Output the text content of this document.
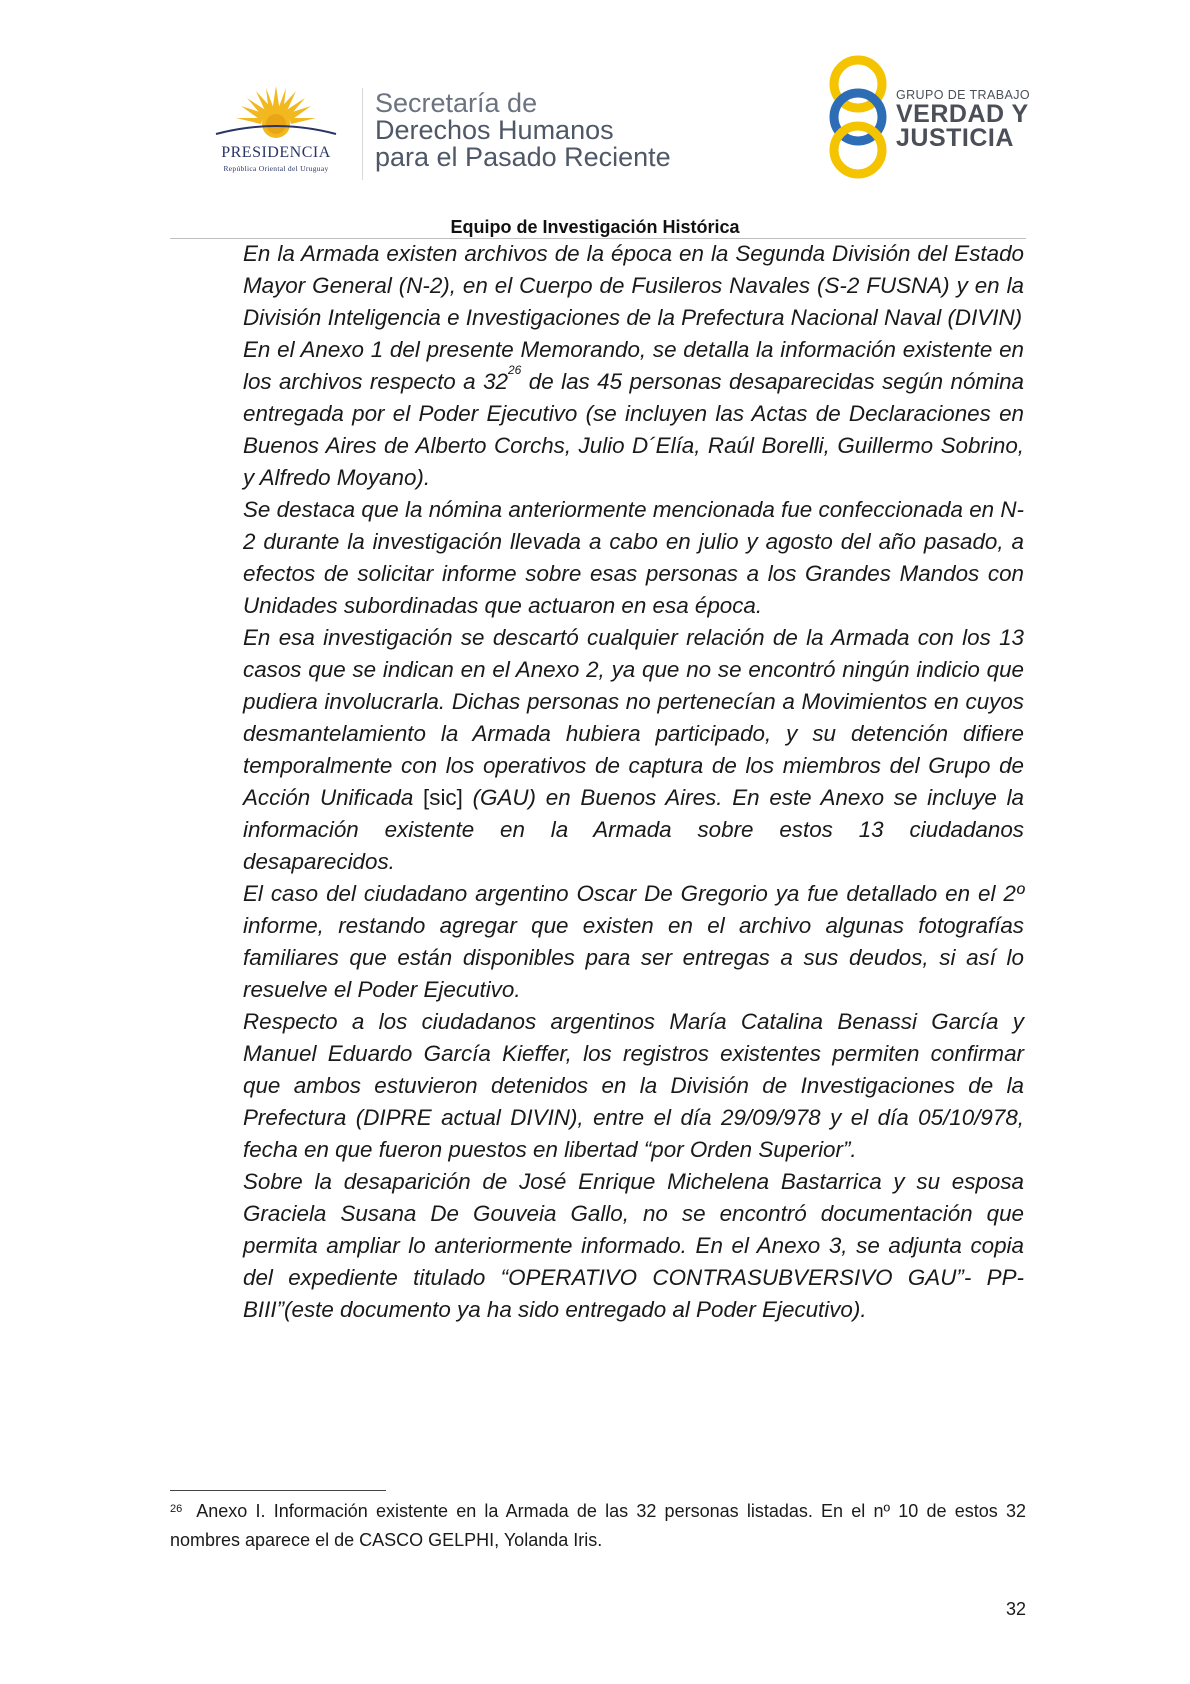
PRESIDENCIA
República Oriental del Uruguay
Secretaría de
Derechos Humanos
para el Pasado Reciente
GRUPO DE TRABAJO
VERDAD Y
JUSTICIA
Equipo de Investigación Histórica

En la Armada existen archivos de la época en la Segunda División del Estado Mayor General (N-2), en el Cuerpo de Fusileros Navales (S-2 FUSNA) y en la División Inteligencia e Investigaciones de la Prefectura Nacional Naval (DIVIN)

En el Anexo 1 del presente Memorando, se detalla la información existente en los archivos respecto a $32^{26}$ de las 45 personas desaparecidas según nómina entregada por el Poder Ejecutivo (se incluyen las Actas de Declaraciones en Buenos Aires de Alberto Corchs, Julio D´Elía, Raúl Borelli, Guillermo Sobrino, y Alfredo Moyano).

Se destaca que la nómina anteriormente mencionada fue confeccionada en N-2 durante la investigación llevada a cabo en julio y agosto del año pasado, a efectos de solicitar informe sobre esas personas a los Grandes Mandos con Unidades subordinadas que actuaron en esa época.

En esa investigación se descartó cualquier relación de la Armada con los 13 casos que se indican en el Anexo 2, ya que no se encontró ningún indicio que pudiera involucrarla. Dichas personas no pertenecían a Movimientos en cuyos desmantelamiento la Armada hubiera participado, y su detención difiere temporalmente con los operativos de captura de los miembros del Grupo de Acción Unificada [sic] (GAU) en Buenos Aires. En este Anexo se incluye la información existente en la Armada sobre estos 13 ciudadanos desaparecidos.

El caso del ciudadano argentino Oscar De Gregorio ya fue detallado en el 2º informe, restando agregar que existen en el archivo algunas fotografías familiares que están disponibles para ser entregas a sus deudos, si así lo resuelve el Poder Ejecutivo.

Respecto a los ciudadanos argentinos María Catalina Benassi García y Manuel Eduardo García Kieffer, los registros existentes permiten confirmar que ambos estuvieron detenidos en la División de Investigaciones de la Prefectura (DIPRE actual DIVIN), entre el día 29/09/978 y el día 05/10/978, fecha en que fueron puestos en libertad “por Orden Superior”.

Sobre la desaparición de José Enrique Michelena Bastarrica y su esposa Graciela Susana De Gouveia Gallo, no se encontró documentación que permita ampliar lo anteriormente informado. En el Anexo 3, se adjunta copia del expediente titulado “OPERATIVO CONTRASUBVERSIVO GAU”- PP-BIII”(este documento ya ha sido entregado al Poder Ejecutivo).

$^{26}$ Anexo I. Información existente en la Armada de las 32 personas listadas. En el nº 10 de estos 32 nombres aparece el de CASCO GELPHI, Yolanda Iris.
32
